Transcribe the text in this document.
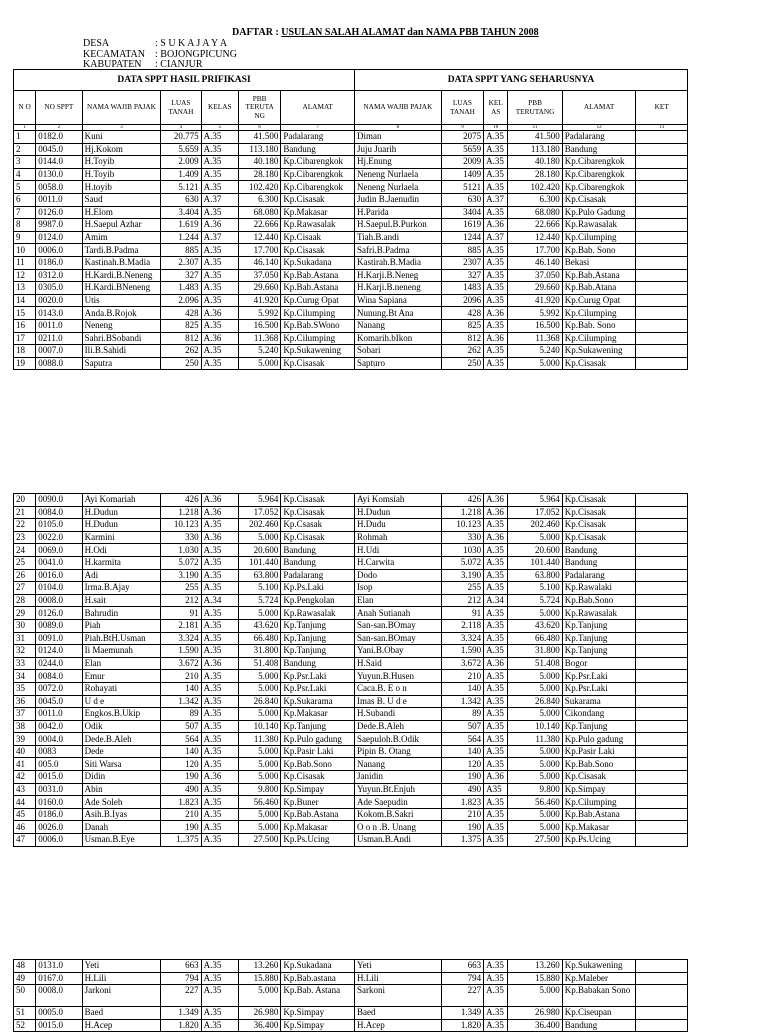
DAFTAR : USULAN SALAH ALAMAT dan NAMA PBB TAHUN 2008
DESA	: S U K A J A Y A
KECAMATAN : BOJONGPICUNG
KABUPATEN : CIANJUR
DATA SPPT HASIL PRIFIKASI							DATA SPPT YANG SEHARUSNYA					
N O	NO SPPT	NAMA WAJIB PAJAK	LUAS TANAH	KELAS	PBB TERUTA NG	ALAMAT	NAMA WAJIB PAJAK	LUAS TANAH	KEL AS	PBB TERUTANG	ALAMAT	KET
1	2	3	4	5	6	7	8	9	10	11	12	13
1	0182.0	Kuni	20.775	A.35	41.500	Padalarang	Diman	2075	A.35	41.500	Padalarang	
2	0045.0	Hj.Kokom	5.659	A.35	113.180	Bandung	Juju Juarih	5659	A.35	113.180	Bandung	
3	0144.0	H.Toyib	2.009	A.35	40.180	Kp.Cibarengkok	Hj.Enung	2009	A.35	40.180	Kp.Cibarengkok	
4	0130.0	H.Toyib	1.409	A.35	28.180	Kp.Cibarengkok	Neneng Nurlaela	1409	A.35	28.180	Kp.Cibarengkok	
5	0058.0	H.toyib	5.121	A.35	102.420	Kp.Cibarengkok	Neneng Nurlaela	5121	A.35	102.420	Kp.Cibarengkok	
6	0011.0	Saud	630	A.37	6.300	Kp.Cisasak	Judin B.Jaenudin	630	A.37	6.300	Kp.Cisasak	
7	0126.0	H.Elom	3.404	A.35	68.080	Kp.Makasar	H.Parida	3404	A.35	68.080	Kp.Pulo Gadung	
8	9987.0	H.Saepul Azhar	1.619	A.36	22.666	Kp.Rawasalak	H.Saepul.B.Purkon	1619	A.36	22.666	Kp.Rawasalak	
9	0124.0	Amim	1.244	A.37	12.440	Kp.Cisaak	Tiah.B.andi	1244	A.37	12.440	Kp.Cilumping	
10	0006.0	Tardi.B.Padma	885	A.35	17.700	Kp.Cisasak	Safri.B.Padma	885	A.35	17.700	Kp.Bab. Sono	
11	0186.0	Kastinah.B.Madia	2.307	A.35	46.140	Kp.Sukadana	Kastirah.B.Madia	2307	A.35	46.140	Bekasi	
12	0312.0	H.Kardi.B.Neneng	327	A.35	37.050	Kp.Bab.Astana	H.Karji.B.Neneg	327	A.35	37.050	Kp.Bab.Astana	
13	0305.0	H.Kardi.BNeneng	1.483	A.35	29.660	Kp.Bab.Astana	H.Karji.B.neneng	1483	A.35	29.660	Kp.Bab.Atana	
14	0020.0	Utis	2.096	A.35	41.920	Kp.Curug Opat	Wina Sapiana	2096	A.35	41.920	Kp.Curug Opat	
15	0143.0	Anda.B.Rojok	428	A.36	5.992	Kp.Cilumping	Nunung.Bt Ana	428	A.36	5.992	Kp.Cilumping	
16	0011.0	Neneng	825	A.35	16.500	Kp.Bab.SWono	Nanang	825	A.35	16.500	Kp.Bab. Sono	
17	0211.0	Sahri.BSobandi	812	A.36	11.368	Kp.Cilumping	Komarih.bIkon	812	A.36	11.368	Kp.Cilumping	
18	0007.0	Ili.B.Sahidi	262	A.35	5.240	Kp.Sukawening	Sobari	262	A.35	5.240	Kp.Sukawening	
19	0088.0	Saputra	250	A.35	5.000	Kp.Cisasak	Sapturo	250	A.35	5.000	Kp.Cisasak	
20	0090.0	Ayi Komariah	426	A.36	5.964	Kp.Cisasak	Ayi Komsiah	426	A.36	5.964	Kp.Cisasak	
21	0084.0	H.Dudun	1.218	A.36	17.052	Kp.Cisasak	H.Dudun	1.218	A.36	17.052	Kp.Cisasak	
22	0105.0	H.Dudun	10.123	A.35	202.460	Kp.Csasak	H.Dudu	10.123	A.35	202.460	Kp.Cisasak	
23	0022.0	Karmini	330	A.36	5.000	Kp.Cisasak	Rohmah	330	A.36	5.000	Kp.Cisasak	
24	0069.0	H.Odi	1.030	A.35	20.600	Bandung	H.Udi	1030	A.35	20.600	Bandung	
25	0041.0	H.karmita	5.072	A.35	101.440	Bandung	H.Carwita	5.072	A.35	101.440	Bandung	
26	0016.0	Adi	3.190	A.35	63.800	Padalarang	Dodo	3.190	A.35	63.800	Padalarang	
27	0104.0	Irma.B.Ajay	255	A.35	5.100	Kp.Ps.Laki	Isop	255	A.35	5.100	Kp.Rawalaki	
28	0008.0	H.sait	212	A.34	5.724	Kp.Pengkolan	Elan	212	A.34	5.724	Kp.Bab.Sono	
29	0126.0	Bahrudin	91	A.35	5.000	Kp.Rawasalak	Anah Sutianah	91	A.35	5.000	Kp.Rawasalak	
30	0089.0	Piah	2.181	A.35	43.620	Kp.Tanjung	San-san.BOmay	2.118	A.35	43.620	Kp.Tanjung	
31	0091.0	Piah.BtH.Usman	3.324	A.35	66.480	Kp.Tanjung	San-san.BOmay	3.324	A.35	66.480	Kp.Tanjung	
32	0124.0	Ii Maemunah	1.590	A.35	31.800	Kp.Tanjung	Yani.B.Obay	1.590	A.35	31.800	Kp.Tanjung	
33	0244.0	Elan	3.672	A.36	51.408	Bandung	H.Said	3.672	A.36	51.408	Bogor	
34	0084.0	Emur	210	A.35	5.000	Kp.Psr.Laki	Yuyun.B.Husen	210	A.35	5.000	Kp.Psr.Laki	
35	0072.0	Rohayati	140	A.35	5.000	Kp.Psr.Laki	Caca.B. E o n	140	A.35	5.000	Kp.Psr.Laki	
36	0045.0	U d e	1.342	A.35	26.840	Kp.Sukarama	Imas B. U d e	1.342	A.35	26.840	Sukarama	
37	0011.0	Engkos.B.Ukip	89	A.35	5.000	Kp.Makasar	H.Subandi	89	A.35	5.000	Cikondang	
38	0042.0	Odik	507	A.35	10.140	Kp.Tanjung	Dede.B.Aleh	507	A.35	10.140	Kp.Tanjung	
39	0004.0	Dede.B.Aleh	564	A.35	11.380	Kp.Pulo gadung	Saepuloh.B.Odik	564	A.35	11.380	Kp.Pulo gadung	
40	0083	Dede	140	A.35	5.000	Kp.Pasir Laki	Pipin B. Otang	140	A.35	5.000	Kp.Pasir Laki	
41	005.0	Siti Warsa	120	A.35	5.000	Kp.Bab.Sono	Nanang	120	A.35	5.000	Kp.Bab.Sono	
42	0015.0	Didin	190	A.36	5.000	Kp.Cisasak	Janidin	190	A.36	5.000	Kp.Cisasak	
43	0031.0	Abin	490	A.35	9.800	Kp.Simpay	Yuyun.Bt.Enjuh	490	A35	9.800	Kp.Simpay	
44	0160.0	Ade Soleh	1.823	A.35	56.460	Kp.Buner	Ade Saepudin	1.823	A.35	56.460	Kp.Cilumping	
45	0186.0	Asih.B.Iyas	210	A.35	5.000	Kp.Bab.Astana	Kokom.B.Sakri	210	A.35	5.000	Kp.Bab.Astana	
46	0026.0	Danah	190	A.35	5.000	Kp.Makasar	O o n .B. Unang	190	A.35	5.000	Kp.Makasar	
47	0006.0	Usman.B.Eye	1..375	A.35	27.500	Kp.Ps.Ucing	Usman.B.Andi	1.375	A.35	27.500	Kp.Ps.Ucing	
48	0131.0	Yeti	663	A.35	13.260	Kp.Sukadana	Yeti	663	A.35	13.260	Kp.Sukawening	
49	0167.0	H.Lili	794	A.35	15.880	Kp.Bab.astana	H.Lili	794	A.35	15.880	Kp.Maleber	
50	0008.0	Jarkoni	227	A.35	5.000	Kp.Bab. Astana	Sarkoni	227	A.35	5.000	Kp.Babakan Sono	
51	0005.0	Baed	1.349	A.35	26.980	Kp.Simpay	Baed	1.349	A.35	26.980	Kp.Ciseupan	
52	0015.0	H.Acep	1.820	A.35	36.400	Kp.Simpay	H.Acep	1.820	A.35	36.400	Bandung	
